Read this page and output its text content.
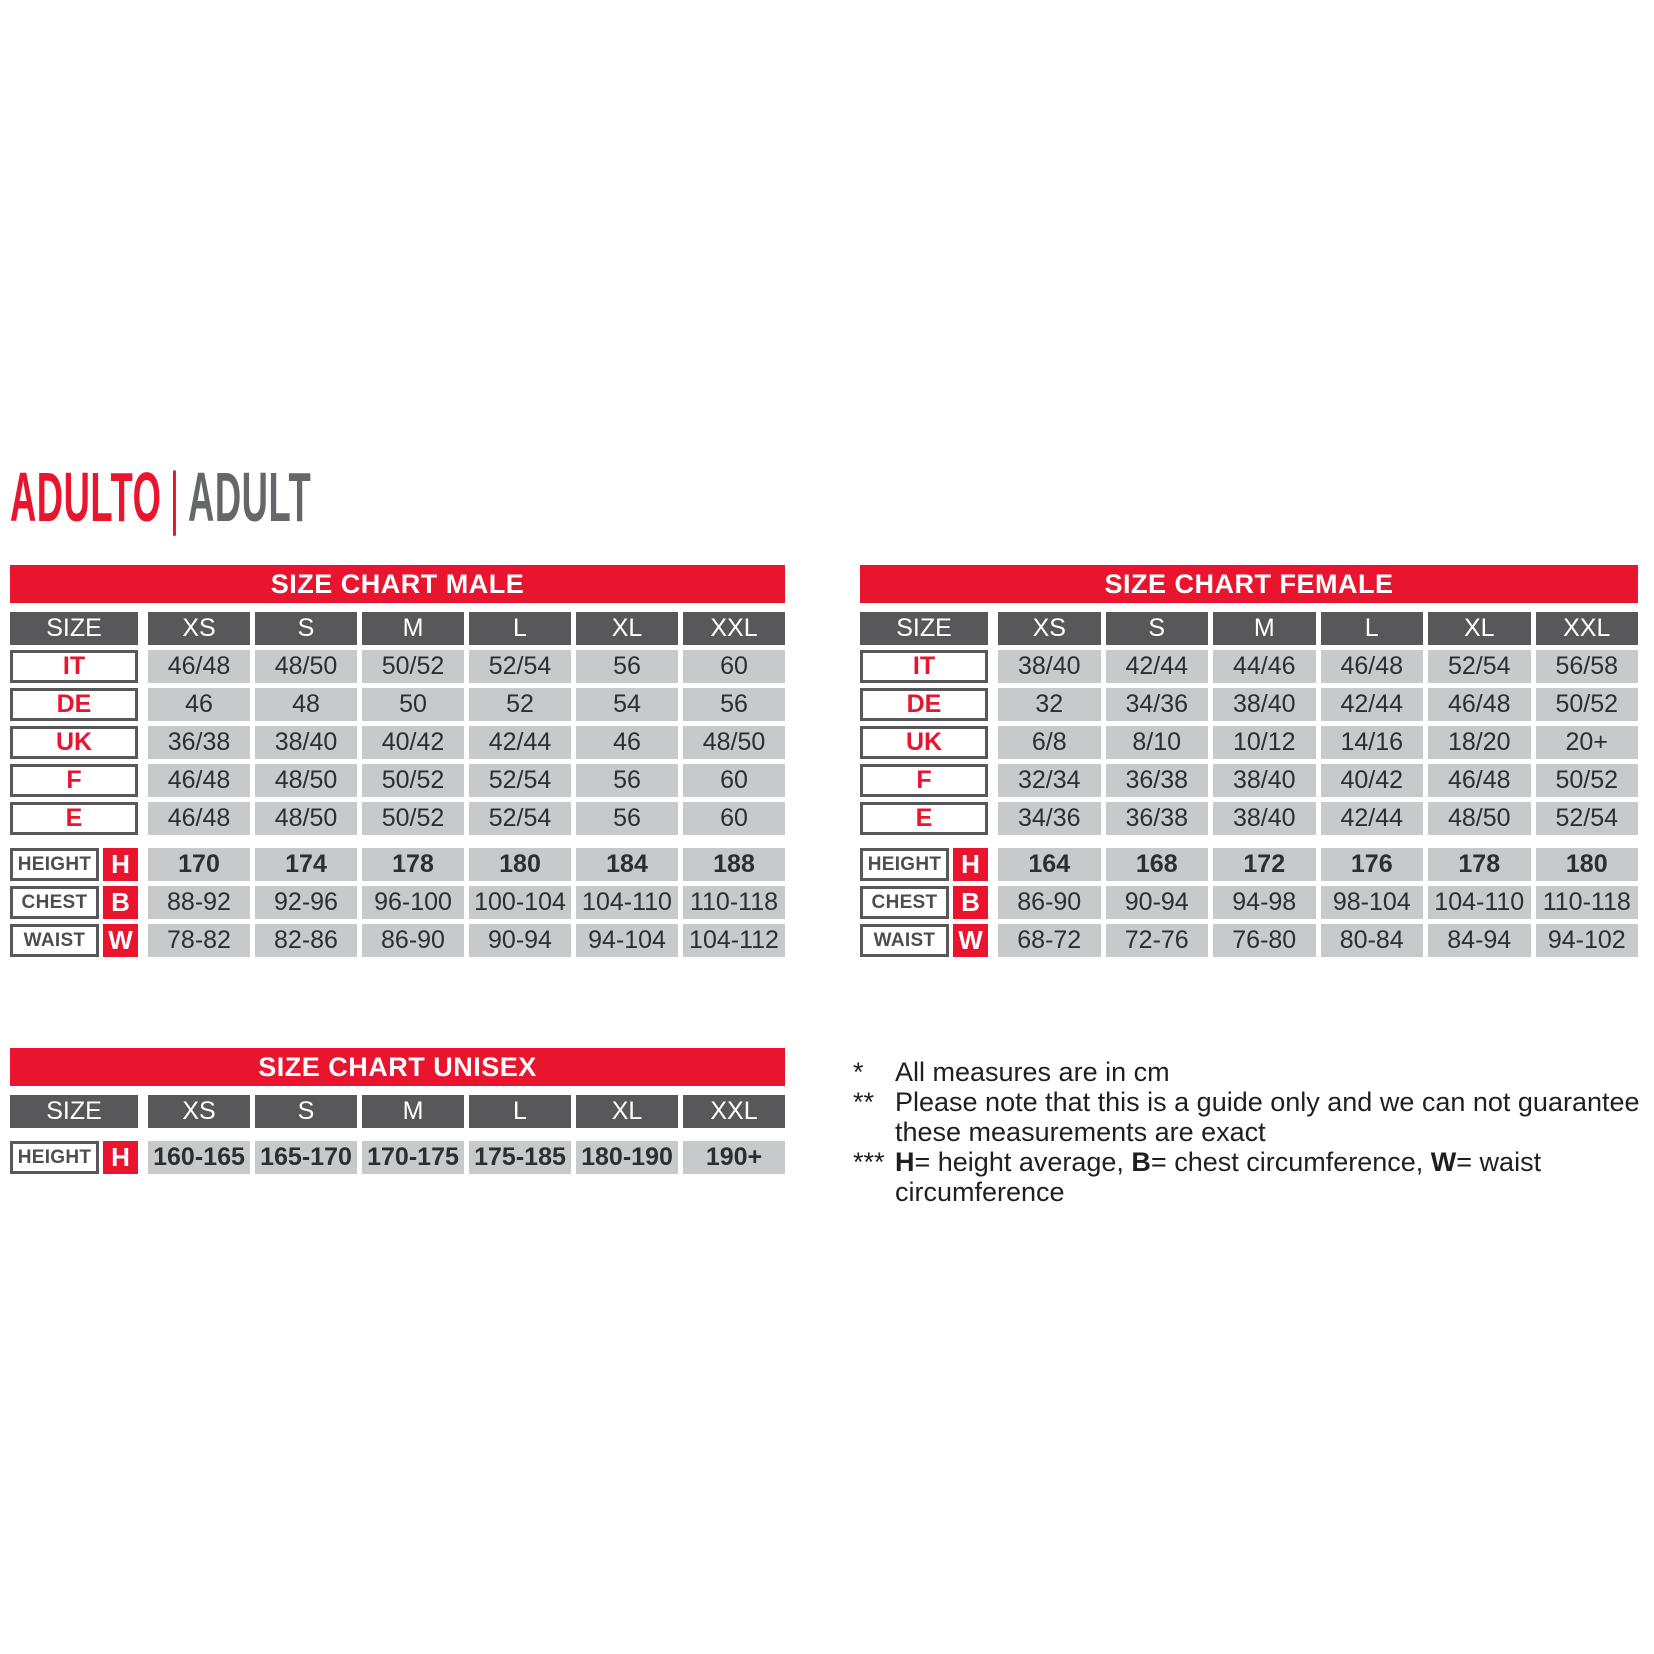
ADULTO | ADULT
SIZE CHART MALE
SIZE	XS	S	M	L	XL	XXL
IT	46/48	48/50	50/52	52/54	56	60
DE	46	48	50	52	54	56
UK	36/38	38/40	40/42	42/44	46	48/50
F	46/48	48/50	50/52	52/54	56	60
E	46/48	48/50	50/52	52/54	56	60
HEIGHT H	170	174	178	180	184	188
CHEST B	88-92	92-96	96-100 100-104 104-110 110-118
WAIST W	78-82	82-86	86-90	90-94	94-104 104-112
SIZE CHART FEMALE
SIZE	XS	S	M	L	XL	XXL
IT	38/40	42/44	44/46	46/48	52/54	56/58
DE	32	34/36	38/40	42/44	46/48	50/52
UK	6/8	8/10	10/12	14/16	18/20	20+
F	32/34	36/38	38/40	40/42	46/48	50/52
E	34/36	36/38	38/40	42/44	48/50	52/54
HEIGHT H	164	168	172	176	178	180
CHEST B	86-90	90-94	94-98	98-104 104-110 110-118
WAIST W	68-72	72-76	76-80	80-84	84-94	94-102
SIZE CHART UNISEX
SIZE	XS	S	M	L	XL	XXL
HEIGHT H 160-165 165-170 170-175 175-185 180-190	190+
*	All measures are in cm
** Please note that this is a guide only and we can not guarantee these measurements are exact
*** H= height average, B= chest circumference, W= waist circumference
